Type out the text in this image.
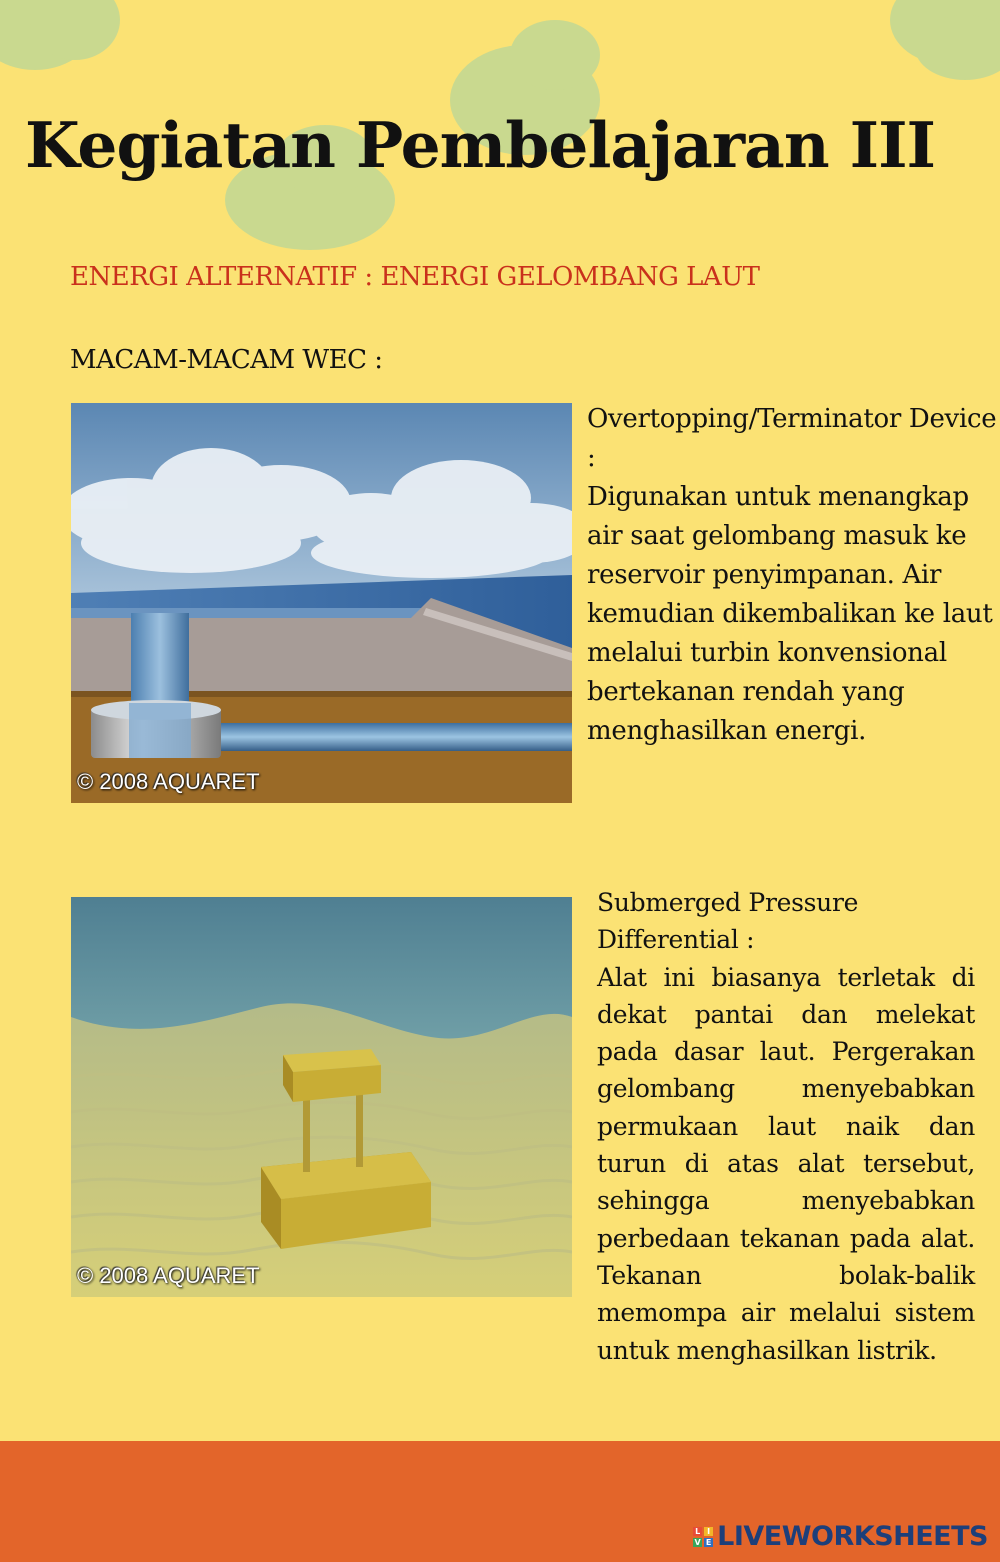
Kegiatan Pembelajaran III
ENERGI ALTERNATIF : ENERGI GELOMBANG LAUT
MACAM-MACAM WEC :
© 2008 AQUARET
Overtopping/Terminator Device :
Digunakan untuk menangkap air saat gelombang masuk ke reservoir penyimpanan. Air kemudian dikembalikan ke laut melalui turbin konvensional bertekanan rendah yang menghasilkan energi.
© 2008 AQUARET
Submerged Pressure Differential :
Alat ini biasanya terletak di dekat pantai dan melekat pada dasar laut. Pergerakan gelombang menyebabkan permukaan laut naik dan turun di atas alat tersebut, sehingga menyebabkan perbedaan tekanan pada alat. Tekanan bolak-balik memompa air melalui sistem untuk menghasilkan listrik.
L I
V E LIVEWORKSHEETS
